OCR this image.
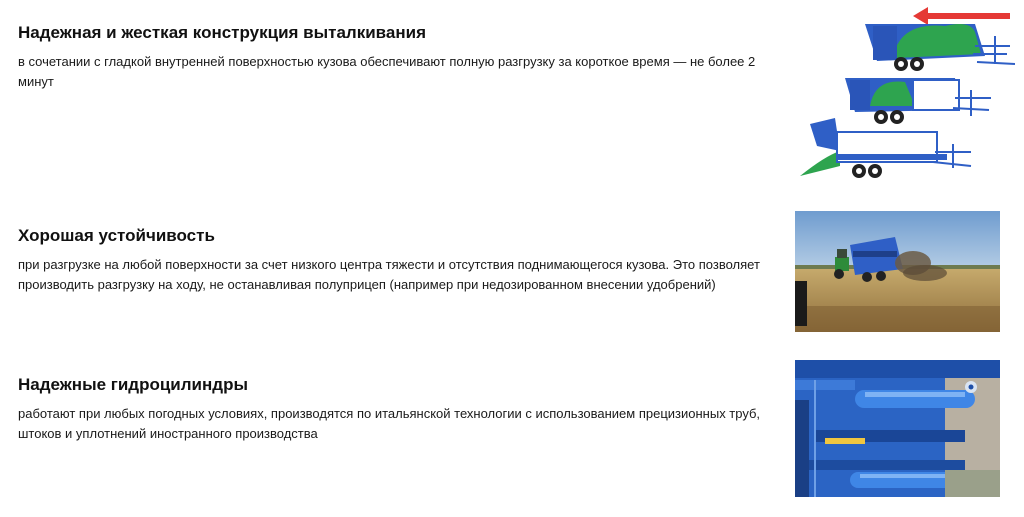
Надежная и жесткая конструкция выталкивания

в сочетании с гладкой внутренней поверхностью кузова обеспечивают полную разгрузку за короткое время — не более 2 минут

Хорошая устойчивость

при разгрузке на любой поверхности за счет низкого центра тяжести и отсутствия поднимающегося кузова. Это позволяет производить разгрузку на ходу, не останавливая полуприцеп (например при недозированном внесении удобрений)

Надежные гидроцилиндры

работают при любых погодных условиях, производятся по итальянской технологии с использованием прецизионных труб, штоков и уплотнений иностранного производства
